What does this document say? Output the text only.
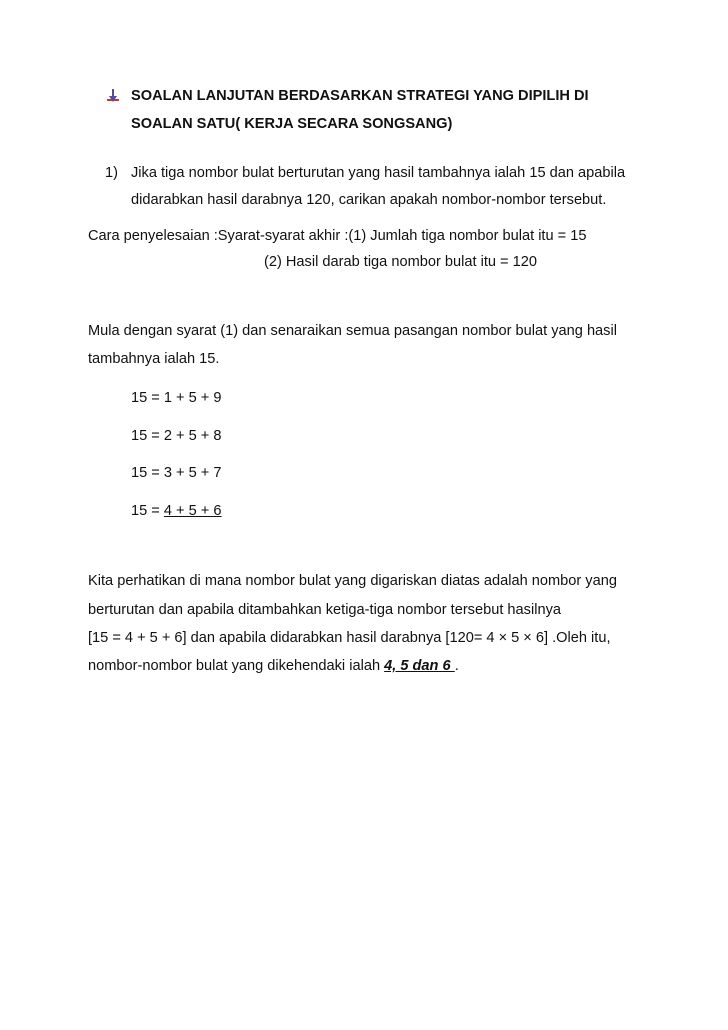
SOALAN LANJUTAN BERDASARKAN STRATEGI YANG DIPILIH DI
SOALAN SATU( KERJA SECARA SONGSANG)
1) Jika tiga nombor bulat berturutan yang hasil tambahnya ialah 15 dan apabila
didarabkan hasil darabnya 120, carikan apakah nombor-nombor tersebut.
Cara penyelesaian :Syarat-syarat akhir :(1) Jumlah tiga nombor bulat itu = 15
(2) Hasil darab tiga nombor bulat itu = 120
Mula dengan syarat (1) dan senaraikan semua pasangan nombor bulat yang hasil
tambahnya ialah 15.
15 = 1 + 5 + 9
15 = 2 + 5 + 8
15 = 3 + 5 + 7
15 = 4 + 5 + 6
Kita perhatikan di mana nombor bulat yang digariskan diatas adalah nombor yang
berturutan dan apabila ditambahkan ketiga-tiga nombor tersebut hasilnya
[15 = 4 + 5 + 6] dan apabila didarabkan hasil darabnya [120= 4 × 5 × 6] .Oleh itu,
nombor-nombor bulat yang dikehendaki ialah 4, 5 dan 6 .
